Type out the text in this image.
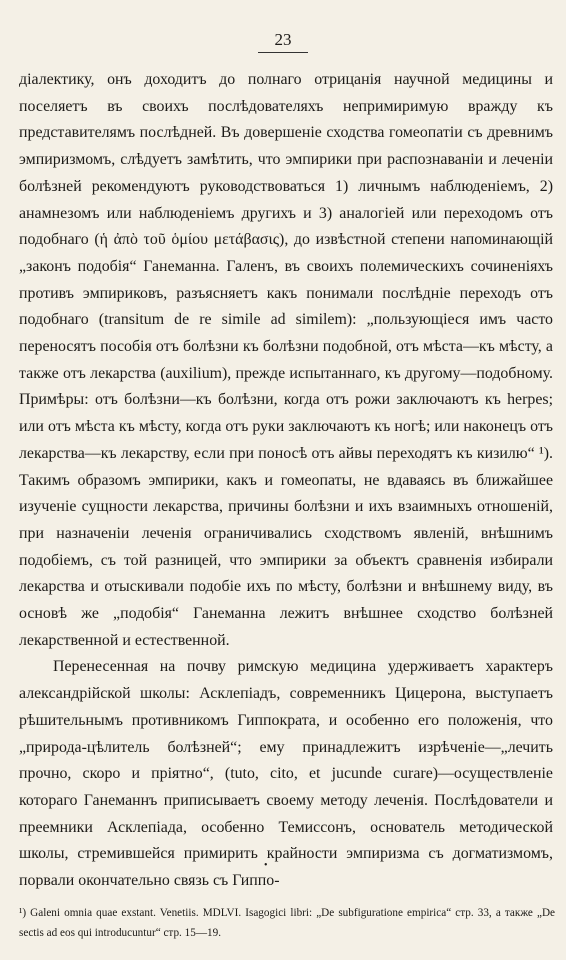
23

діалектику, онъ доходитъ до полнаго отрицанія научной медицины и поселяетъ въ своихъ послѣдователяхъ непримиримую вражду къ представителямъ послѣдней. Въ довершеніе сходства гомеопатіи съ древнимъ эмпиризмомъ, слѣдуетъ замѣтить, что эмпирики при распознаваніи и леченіи болѣзней рекомендуютъ руководствоваться 1) личнымъ наблюденіемъ, 2) анамнезомъ или наблюденіемъ другихъ и 3) аналогіей или переходомъ отъ подобнаго (ἡ ἀπὸ τοῦ ὁμίου μετάβασις), до извѣстной степени напоминающій „законъ подобія“ Ганеманна. Галенъ, въ своихъ полемическихъ сочиненіяхъ противъ эмпириковъ, разъясняетъ какъ понимали послѣдніе переходъ отъ подобнаго (transitum de re simile ad similem): „пользующіеся имъ часто переносятъ пособія отъ болѣзни къ болѣзни подобной, отъ мѣста—къ мѣсту, а также отъ лекарства (auxilium), прежде испытаннаго, къ другому—подобному. Примѣры: отъ болѣзни—къ болѣзни, когда отъ рожи заключаютъ къ herpes; или отъ мѣста къ мѣсту, когда отъ руки заключаютъ къ ногѣ; или наконецъ отъ лекарства—къ лекарству, если при поносѣ отъ айвы переходятъ къ кизилю“ ¹). Такимъ образомъ эмпирики, какъ и гомеопаты, не вдаваясь въ ближайшее изученіе сущности лекарства, причины болѣзни и ихъ взаимныхъ отношеній, при назначеніи леченія ограничивались сходствомъ явленій, внѣшнимъ подобіемъ, съ той разницей, что эмпирики за объектъ сравненія избирали лекарства и отыскивали подобіе ихъ по мѣсту, болѣзни и внѣшнему виду, въ основѣ же „подобія“ Ганеманна лежитъ внѣшнее сходство болѣзней лекарственной и естественной.

Перенесенная на почву римскую медицина удерживаетъ характеръ александрійской школы: Асклепіадъ, современникъ Цицерона, выступаетъ рѣшительнымъ противникомъ Гиппократа, и особенно его положенія, что „природа-цѣлитель болѣзней“; ему принадлежитъ изрѣченіе—„лечить прочно, скоро и пріятно“, (tuto, cito, et jucunde curare)—осуществленіе котораго Ганеманнъ приписываетъ своему методу леченія. Послѣдователи и преемники Асклепіада, особенно Темиссонъ, основатель методической школы, стремившейся примирить крайности эмпиризма съ догматизмомъ, порвали окончательно связь съ Гиппо-

•
¹) Galeni omnia quae exstant. Venetiis. MDLVI. Isagogici libri: „De subfiguratione empirica“ стр. 33, а также „De sectis ad eos qui introducuntur“ стр. 15—19.
